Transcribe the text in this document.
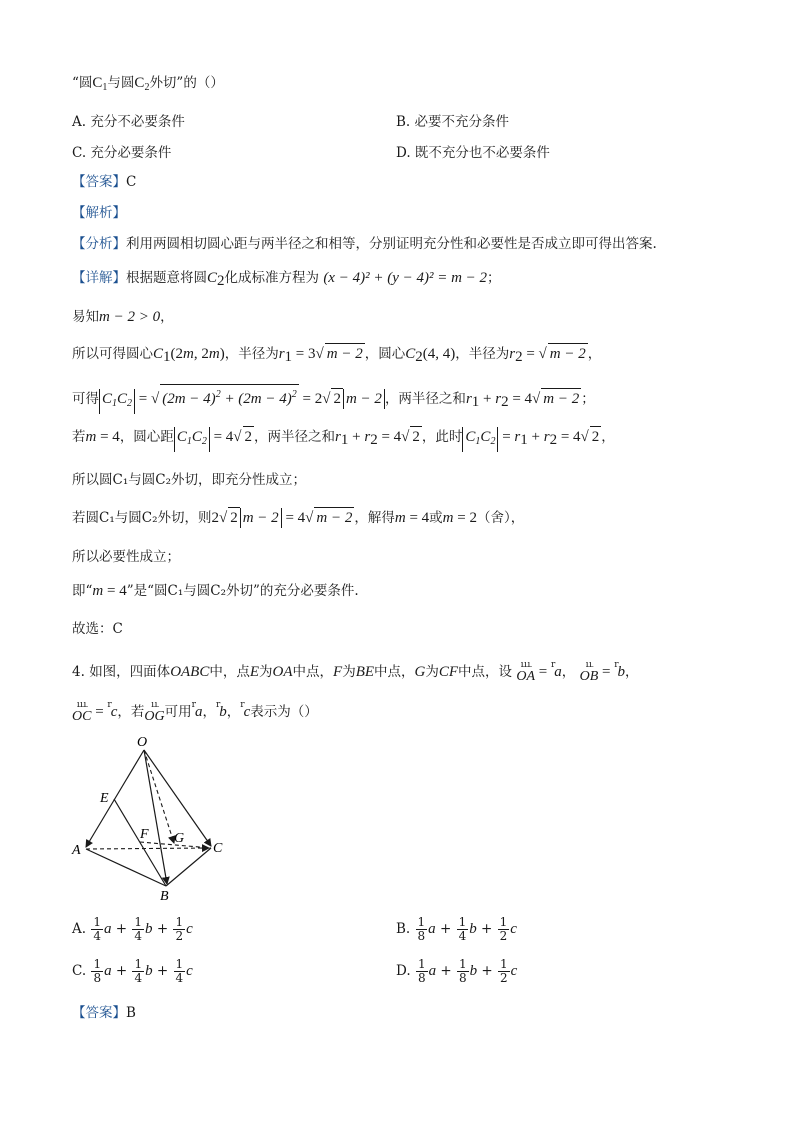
“圆$C_1$与圆$C_2$外切”的（）
A. 充分不必要条件	B. 必要不充分条件
C. 充分必要条件	D. 既不充分也不必要条件
【答案】C
【解析】
【分析】利用两圆相切圆心距与两半径之和相等，分别证明充分性和必要性是否成立即可得出答案.
【详解】根据题意将圆$C_2$化成标准方程为 (x − 4)² + (y − 4)² = m − 2；
易知m − 2 > 0，
所以可得圆心$C_1(2m$, 2m)，半径为$r_1 = 3√$ m − 2 ，圆心$C_2(4$, 4)，半径为$r_2$ = √ m − 2 ，
可得 $C_1C_2$ = √ $(2m - 4)^2 + (2m - 4)^2 = 2√$ 2 m − 2 ，两半径之和$r_1 + r_2 = 4√$ m − 2 ；
若m = 4，圆心距 $C_1C_2 = 4√$ 2 ，两半径之和$r_1 + r_2 = 4√$ 2 ，此时 $C_1C_2 = r_1 + r_2 = 4√$ 2 ，
所以圆C₁与圆C₂外切，即充分性成立；
若圆C₁与圆C₂外切，则2√ 2 m − 2 = 4√ m − 2 ，解得m = 4或m = 2（舍），
所以必要性成立；
即“m = 4”是“圆C₁与圆C₂外切”的充分必要条件.
故选：C
4. 如图，四面体OABC中，点E为OA中点，F为BE中点，G为CF中点，设 ւււ
OA = $^r$a， ււ
OB = $^r$b，
ւււ
OC = $^r$c，若 ււ
OG 可用$^r$a，$^r$b，$^r$c表示为（）
O
E
A
F G
C
B
A. $\frac{1}{4}$ $a + \frac{1}{4}$ $b + \frac{1}{2}$ c	B. $\frac{1}{8}$ $a + \frac{1}{4}$ $b + \frac{1}{2}$ c
C. $\frac{1}{8}$ $a + \frac{1}{4}$ $b + \frac{1}{4}$ c	D. $\frac{1}{8}$ $a + \frac{1}{8}$ $b + \frac{1}{2}$ c
【答案】B
